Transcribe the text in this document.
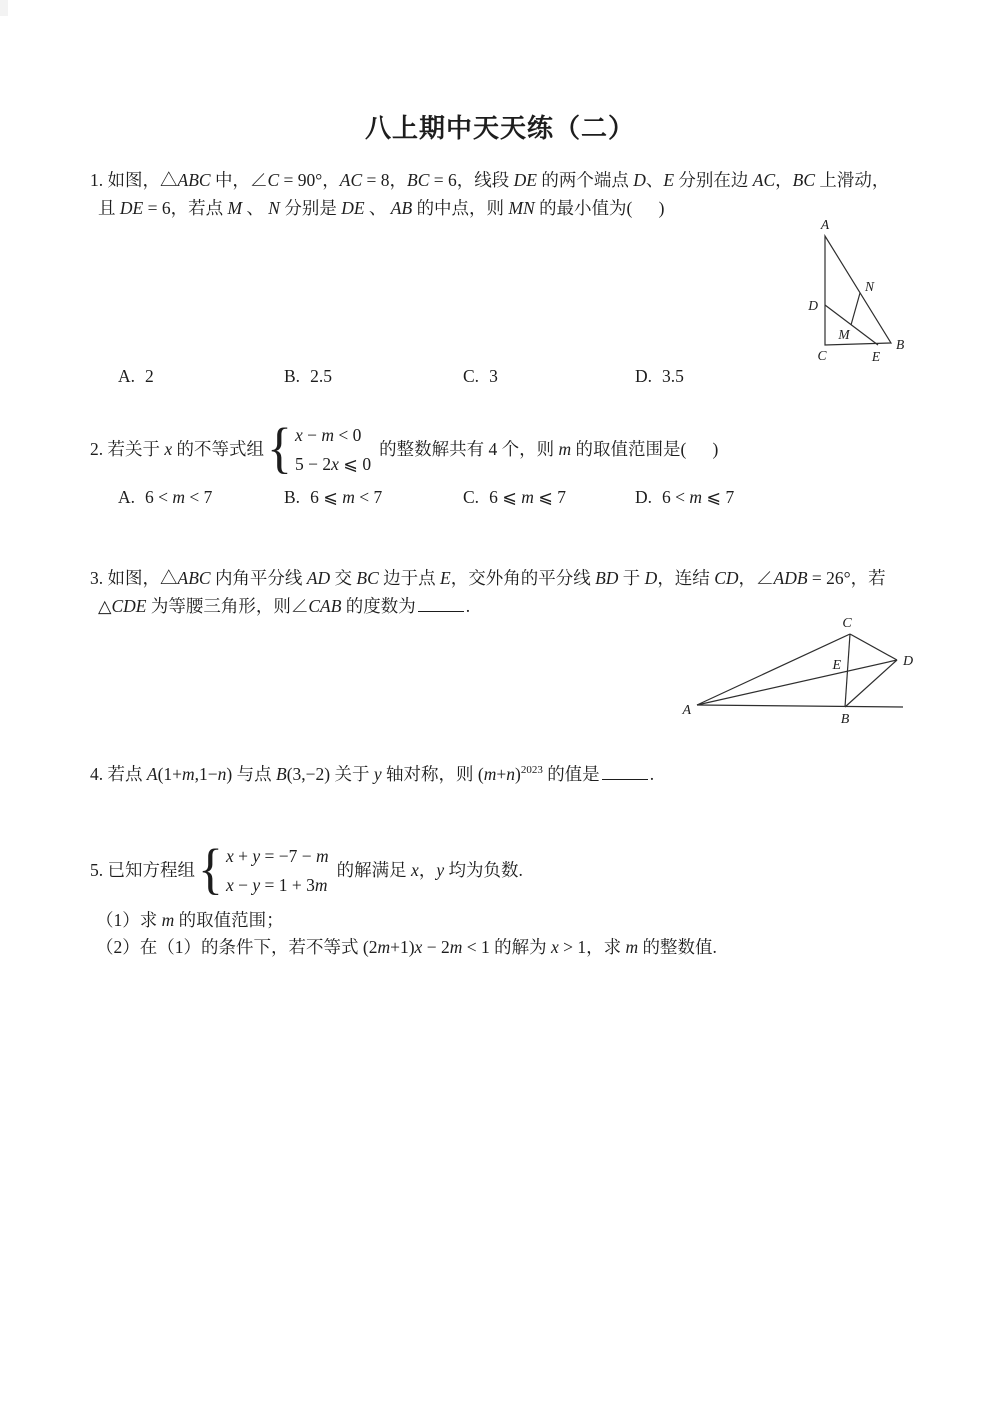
八上期中天天练（二）
1. 如图，△ABC 中，∠C = 90°，AC = 8，BC = 6，线段 DE 的两个端点 D、E 分别在边 AC，BC 上滑动，
且 DE = 6，若点 M 、 N 分别是 DE 、 AB 的中点，则 MN 的最小值为(      )
A
N
D
M
C	E
B
A. 2	B. 2.5	C. 3	D. 3.5
2. 若关于 x 的不等式组 { x − m < 0
5 − 2x ⩽ 0
的整数解共有 4 个，则 m 的取值范围是(      )
A. 6 < m < 7	B. 6 ⩽ m < 7	C. 6 ⩽ m ⩽ 7	D. 6 < m ⩽ 7
3. 如图，△ABC 内角平分线 AD 交 BC 边于点 E，交外角的平分线 BD 于 D，连结 CD，∠ADB = 26°，若
△CDE 为等腰三角形，则∠CAB 的度数为	.
C
D
E
A
B
4. 若点 A(1+m,1−n) 与点 B(3,−2) 关于 y 轴对称，则 $(m+n)^{2023}$ 的值是	.
5. 已知方程组 { x + y = −7 − m
x − y = 1 + 3m
的解满足 x，y 均为负数.
（1）求 m 的取值范围；
（2）在（1）的条件下，若不等式 (2m+1)x − 2m < 1 的解为 x > 1，求 m 的整数值.
